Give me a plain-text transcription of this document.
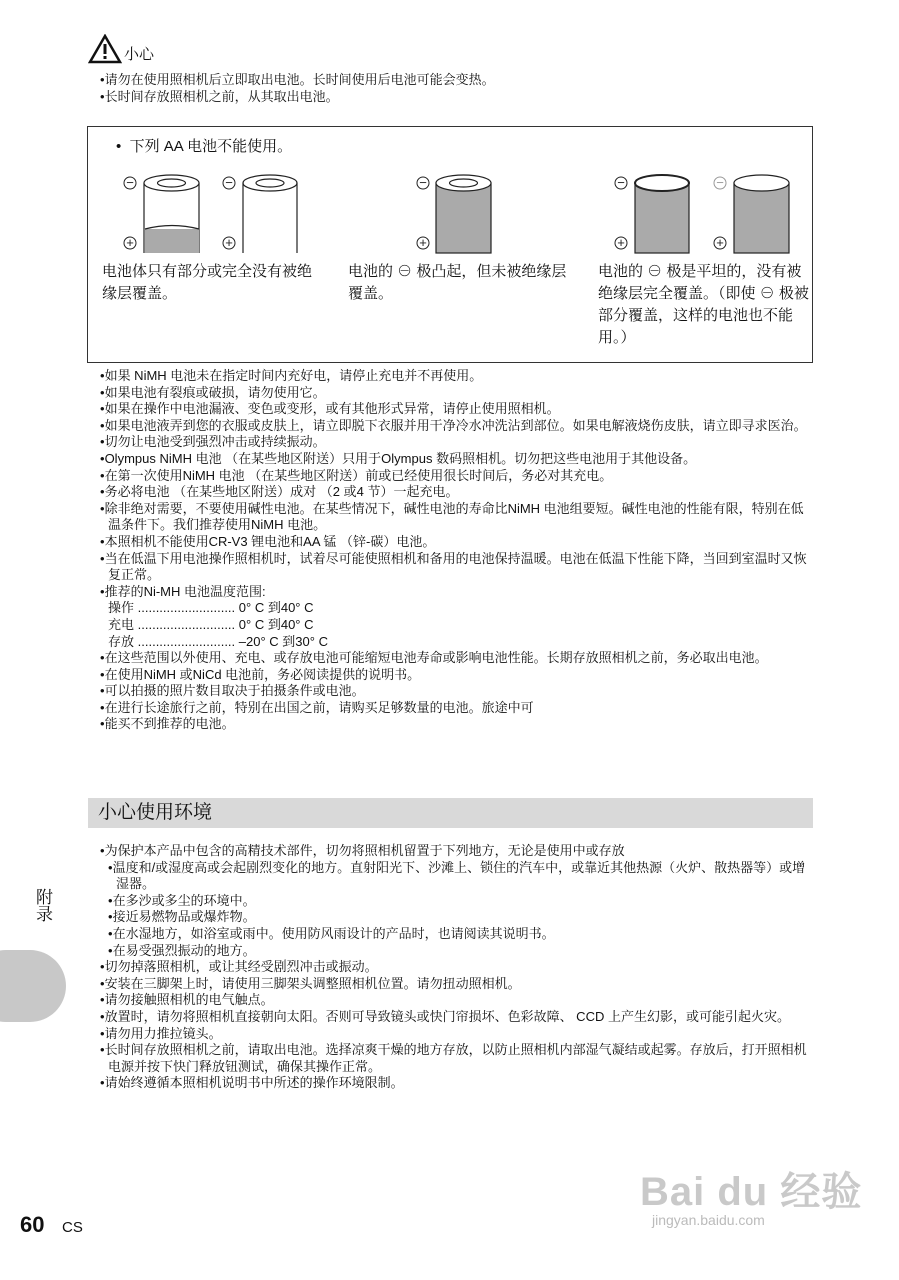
小心
•请勿在使用照相机后立即取出电池。长时间使用后电池可能会变热。
•长时间存放照相机之前，从其取出电池。
•  下列 AA 电池不能使用。
−	−	−	−	−
+	+	+	+	+
电池体只有部分或完全没有被绝缘层覆盖。
电池的 ⊖ 极凸起，但未被绝缘层覆盖。
电池的 ⊖ 极是平坦的，没有被绝缘层完全覆盖。（即使 ⊖ 极被部分覆盖，这样的电池也不能用。）
•如果 NiMH 电池未在指定时间内充好电，请停止充电并不再使用。
•如果电池有裂痕或破损，请勿使用它。
•如果在操作中电池漏液、变色或变形，或有其他形式异常，请停止使用照相机。
•如果电池液弄到您的衣服或皮肤上，请立即脱下衣服并用干净冷水冲洗沾到部位。如果电解液烧伤皮肤，请立即寻求医治。
•切勿让电池受到强烈冲击或持续振动。
•Olympus NiMH 电池 （在某些地区附送）只用于Olympus 数码照相机。切勿把这些电池用于其他设备。
•在第一次使用NiMH 电池 （在某些地区附送）前或已经使用很长时间后，务必对其充电。
•务必将电池 （在某些地区附送）成对 （2 或4 节）一起充电。
•除非绝对需要，不要使用碱性电池。在某些情况下，碱性电池的寿命比NiMH 电池组要短。碱性电池的性能有限，特别在低温条件下。我们推荐使用NiMH 电池。
•本照相机不能使用CR-V3 锂电池和AA 锰 （锌-碳）电池。
•当在低温下用电池操作照相机时，试着尽可能使照相机和备用的电池保持温暖。电池在低温下性能下降，当回到室温时又恢复正常。
•推荐的Ni-MH 电池温度范围:
操作 ........................... 0° C 到40° C
充电 ........................... 0° C 到40° C
存放 ........................... –20° C 到30° C
•在这些范围以外使用、充电、或存放电池可能缩短电池寿命或影响电池性能。长期存放照相机之前，务必取出电池。
•在使用NiMH 或NiCd 电池前，务必阅读提供的说明书。
•可以拍摄的照片数目取决于拍摄条件或电池。
•在进行长途旅行之前，特别在出国之前，请购买足够数量的电池。旅途中可
•能买不到推荐的电池。
小心使用环境
•为保护本产品中包含的高精技术部件，切勿将照相机留置于下列地方，无论是使用中或存放
•温度和/或湿度高或会起剧烈变化的地方。直射阳光下、沙滩上、锁住的汽车中，或靠近其他热源（火炉、散热器等）或增湿器。
•在多沙或多尘的环境中。
•接近易燃物品或爆炸物。
•在水湿地方，如浴室或雨中。使用防风雨设计的产品时，也请阅读其说明书。
•在易受强烈振动的地方。
•切勿掉落照相机，或让其经受剧烈冲击或振动。
•安装在三脚架上时，请使用三脚架头调整照相机位置。请勿扭动照相机。
•请勿接触照相机的电气触点。
•放置时，请勿将照相机直接朝向太阳。否则可导致镜头或快门帘损坏、色彩故障、 CCD 上产生幻影，或可能引起火灾。
•请勿用力推拉镜头。
•长时间存放照相机之前，请取出电池。选择凉爽干燥的地方存放，以防止照相机内部湿气凝结或起雾。存放后，打开照相机电源并按下快门释放钮测试，确保其操作正常。
•请始终遵循本照相机说明书中所述的操作环境限制。
附录
60 CS
Bai du 经验
jingyan.baidu.com
